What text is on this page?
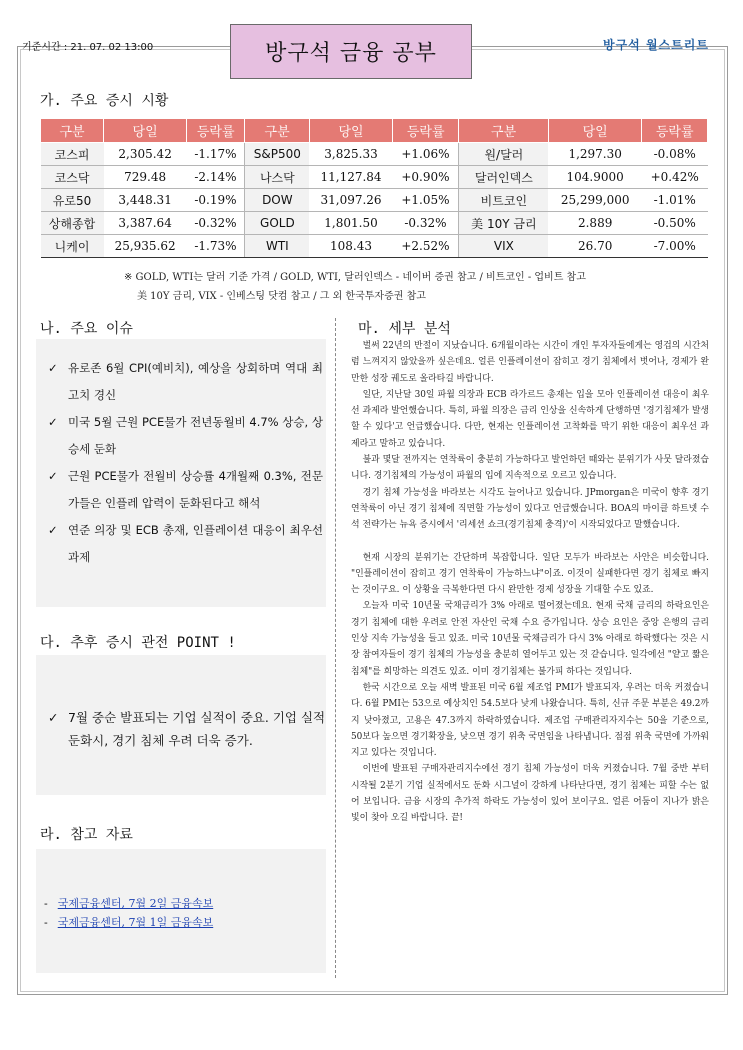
기준시간 : 21. 07. 02 13:00	방구석 금융 공부	방구석 월스트리트
가. 주요 증시 시황
구분	당일	등락률	구분	당일	등락률	구분	당일	등락률
코스피	2,305.42	-1.17%	S&P500	3,825.33	+1.06%	원/달러	1,297.30	-0.08%
코스닥	729.48	-2.14%	나스닥	11,127.84	+0.90%	달러인덱스	104.9000	+0.42%
유로50	3,448.31	-0.19%	DOW	31,097.26	+1.05%	비트코인	25,299,000	-1.01%
상해종합	3,387.64	-0.32%	GOLD	1,801.50	-0.32%	美 10Y 금리	2.889	-0.50%
니케이	25,935.62	-1.73%	WTI	108.43	+2.52%	VIX	26.70	-7.00%
※ GOLD, WTI는 달러 기준 가격 / GOLD, WTI, 달러인덱스 - 네이버 증권 참고 / 비트코인 - 업비트 참고
美 10Y 금리, VIX - 인베스팅 닷컴 참고 / 그 외 한국투자증권 참고
나. 주요 이슈
✓ 유로존 6월 CPI(예비치), 예상을 상회하며 역대 최고치 경신
✓ 미국 5월 근원 PCE물가 전년동월비 4.7% 상승, 상승세 둔화
✓ 근원 PCE물가 전월비 상승률 4개월째 0.3%, 전문가들은 인플레 압력이 둔화된다고 해석
✓ 연준 의장 및 ECB 총재, 인플레이션 대응이 최우선 과제
다. 추후 증시 관전 POINT !
✓ 7월 중순 발표되는 기업 실적이 중요. 기업 실적 둔화시, 경기 침체 우려 더욱 증가.
라. 참고 자료
- 국제금융센터, 7월 2일 금융속보
- 국제금융센터, 7월 1일 금융속보
마. 세부 분석

벌써 22년의 반절이 지났습니다. 6개월이라는 시간이 개인 투자자들에게는 영겁의 시간처럼 느껴지지 않았을까 싶은데요. 얼른 인플레이션이 잡히고 경기 침체에서 벗어나, 경제가 완만한 성장 궤도로 올라타길 바랍니다.

일단, 지난달 30일 파월 의장과 ECB 라가르드 총재는 입을 모아 인플레이션 대응이 최우선 과제라 발언했습니다. 특히, 파월 의장은 금리 인상을 신속하게 단행하면 '경기침체가 발생할 수 있다'고 언급했습니다. 다만, 현재는 인플레이션 고착화를 막기 위한 대응이 최우선 과제라고 말하고 있습니다.

불과 몇달 전까지는 연착륙이 충분히 가능하다고 발언하던 때와는 분위기가 사뭇 달라졌습니다. 경기침체의 가능성이 파월의 입에 지속적으로 오르고 있습니다.

경기 침체 가능성을 바라보는 시각도 늘어나고 있습니다. JPmorgan은 미국이 향후 경기 연착륙이 아닌 경기 침체에 직면할 가능성이 있다고 언급했습니다. BOA의 마이클 하트넷 수석 전략가는 뉴욕 증시에서 '리세션 쇼크(경기침체 충격)'이 시작되었다고 말했습니다.

현재 시장의 분위기는 간단하며 복잡합니다. 일단 모두가 바라보는 사안은 비슷합니다. "인플레이션이 잡히고 경기 연착륙이 가능하느냐"이죠. 이것이 실패한다면 경기 침체로 빠지는 것이구요. 이 상황을 극복한다면 다시 완만한 경제 성장을 기대할 수도 있죠.

오늘자 미국 10년물 국채금리가 3% 아래로 떨어졌는데요. 현재 국채 금리의 하락요인은 경기 침체에 대한 우려로 안전 자산인 국채 수요 증가입니다. 상승 요인은 중앙 은행의 금리 인상 지속 가능성을 들고 있죠. 미국 10년물 국채금리가 다시 3% 아래로 하락했다는 것은 시장 참여자들이 경기 침체의 가능성을 충분히 열어두고 있는 것 같습니다. 일각에선 "얕고 짧은 침체"를 희망하는 의견도 있죠. 이미 경기침체는 불가피 하다는 것입니다.

한국 시간으로 오늘 새벽 발표된 미국 6월 제조업 PMI가 발표되자, 우려는 더욱 커졌습니다. 6월 PMI는 53으로 예상치인 54.5보다 낮게 나왔습니다. 특히, 신규 주문 부분은 49.2까지 낮아졌고, 고용은 47.3까지 하락하였습니다. 제조업 구매관리자지수는 50을 기준으로, 50보다 높으면 경기확장을, 낮으면 경기 위축 국면임을 나타냅니다. 점점 위축 국면에 가까워지고 있다는 것입니다.

이번에 발표된 구매자관리지수에선 경기 침체 가능성이 더욱 커졌습니다. 7월 중반 부터 시작될 2분기 기업 실적에서도 둔화 시그널이 강하게 나타난다면, 경기 침체는 피할 수는 없어 보입니다. 금융 시장의 추가적 하락도 가능성이 있어 보이구요. 얼른 어둠이 지나가 밝은 빛이 찾아 오길 바랍니다. 끝!
